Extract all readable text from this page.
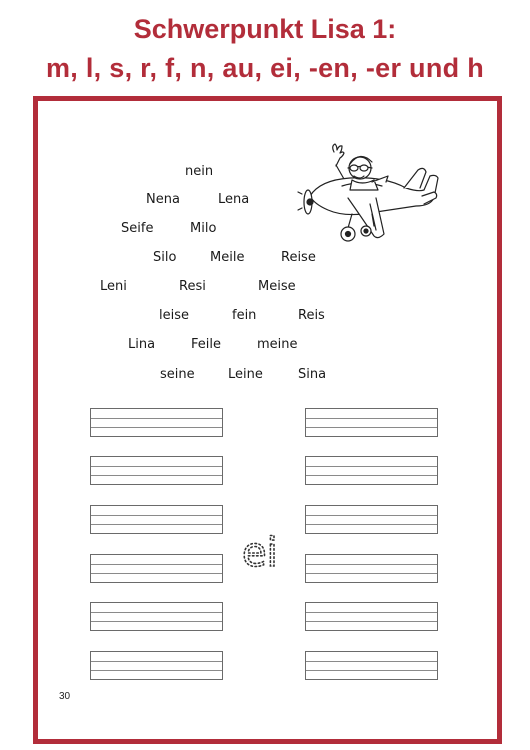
Schwerpunkt Lisa 1:
m, l, s, r, f, n, au, ei, -en, -er und h
nein
Nena	Lena
Seife	Milo
Silo	Meile	Reise
Leni	Resi	Meise
leise	fein	Reis
Lina	Feile	meine
seine	Leine	Sina
ei
30
